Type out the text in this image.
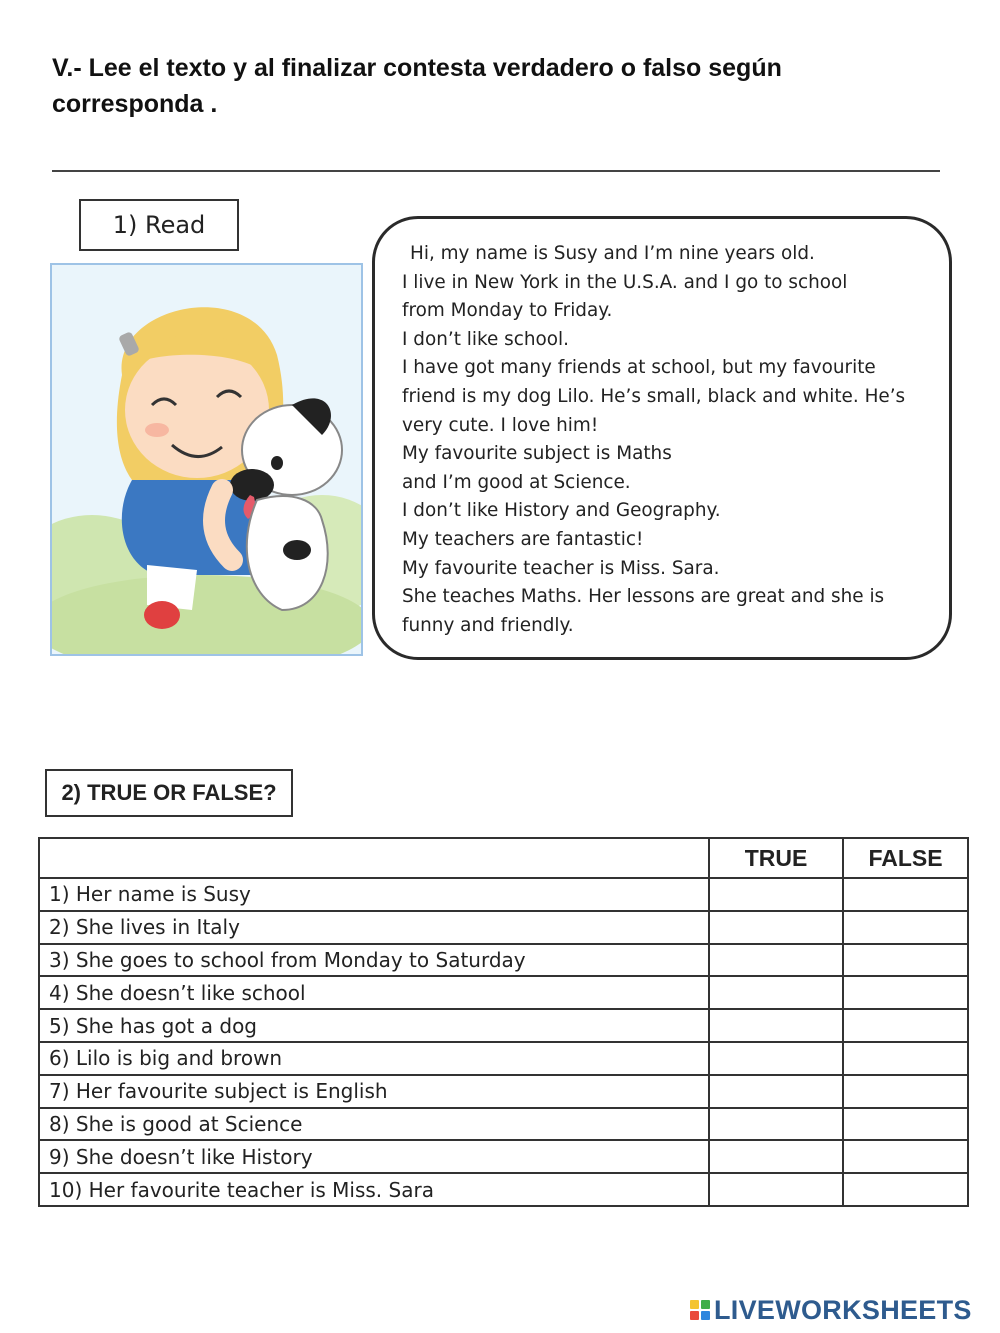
V.- Lee el texto y al finalizar contesta verdadero o falso según corresponda .
1) Read
Hi, my name is Susy and I’m nine years old.
I live in New York in the U.S.A. and I go to school
from Monday to Friday.
I don’t like school.
I have got many friends at school, but my favourite
friend is my dog Lilo. He’s small, black and white. He’s
very cute. I love him!
My favourite subject is Maths
and I’m good at Science.
I don’t like History and Geography.
My teachers are fantastic!
My favourite teacher is Miss. Sara.
She teaches Maths. Her lessons are great and she is
funny and friendly.
2) TRUE OR FALSE?
	TRUE	FALSE
1) Her name is Susy		
2) She lives in Italy		
3) She goes to school from Monday to Saturday		
4) She doesn’t like school		
5) She has got a dog		
6) Lilo is big and brown		
7) Her favourite subject is English		
8) She is good at Science		
9) She doesn’t like History		
10) Her favourite teacher is Miss. Sara		
LIVEWORKSHEETS
